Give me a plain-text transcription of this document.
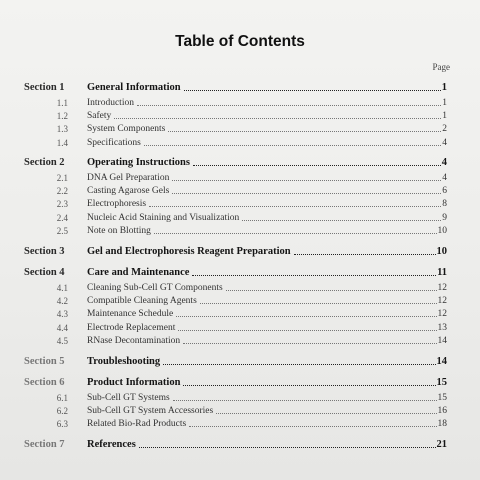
Table of Contents
Page
Section 1	General Information	1
1.1 Introduction	1
1.2 Safety	1
1.3 System Components	2
1.4 Specifications	4
Section 2	Operating Instructions	4
2.1 DNA Gel Preparation	4
2.2 Casting Agarose Gels	6
2.3 Electrophoresis	8
2.4 Nucleic Acid Staining and Visualization	9
2.5 Note on Blotting	10
Section 3	Gel and Electrophoresis Reagent Preparation	10
Section 4	Care and Maintenance	11
4.1 Cleaning Sub-Cell GT Components	12
4.2 Compatible Cleaning Agents	12
4.3 Maintenance Schedule	12
4.4 Electrode Replacement	13
4.5 RNase Decontamination	14
Section 5	Troubleshooting	14
Section 6	Product Information	15
6.1 Sub-Cell GT Systems	15
6.2 Sub-Cell GT System Accessories	16
6.3 Related Bio-Rad Products	18
Section 7	References	21
